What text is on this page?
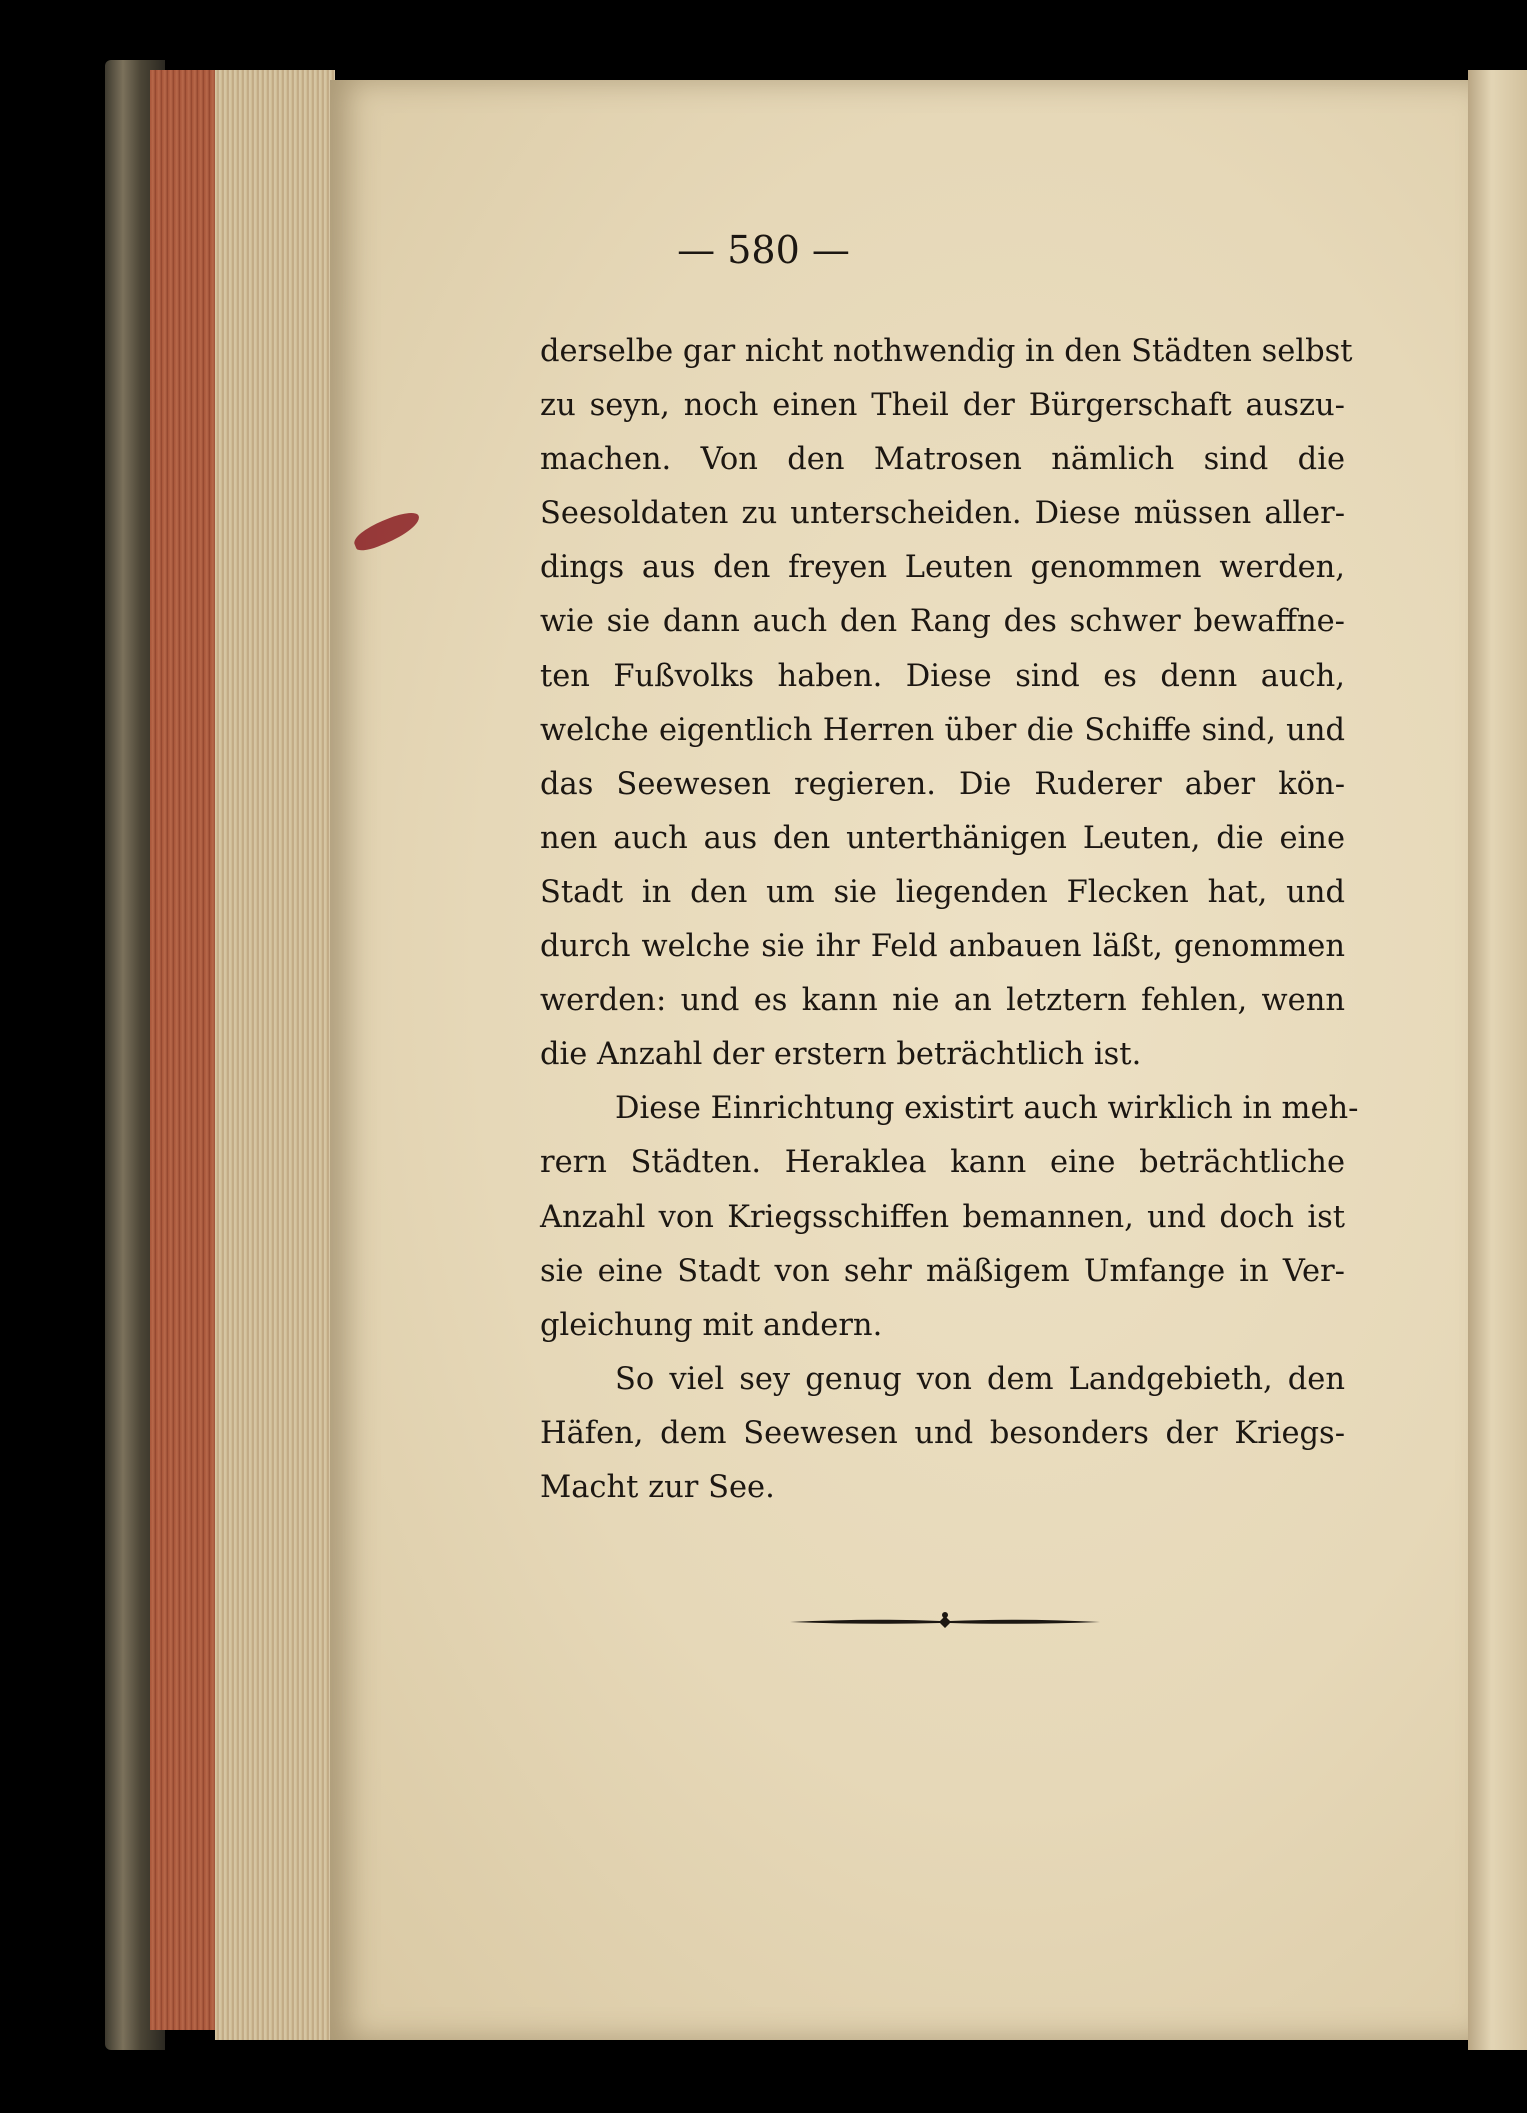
— 580 —
derselbe gar nicht nothwendig in den Städten selbst
zu seyn, noch einen Theil der Bürgerschaft auszu-
machen. Von den Matrosen nämlich sind die
Seesoldaten zu unterscheiden. Diese müssen aller-
dings aus den freyen Leuten genommen werden,
wie sie dann auch den Rang des schwer bewaffne-
ten Fußvolks haben. Diese sind es denn auch,
welche eigentlich Herren über die Schiffe sind, und
das Seewesen regieren. Die Ruderer aber kön-
nen auch aus den unterthänigen Leuten, die eine
Stadt in den um sie liegenden Flecken hat, und
durch welche sie ihr Feld anbauen läßt, genommen
werden: und es kann nie an letztern fehlen, wenn
die Anzahl der erstern beträchtlich ist.
Diese Einrichtung existirt auch wirklich in meh-
rern Städten. Heraklea kann eine beträchtliche
Anzahl von Kriegsschiffen bemannen, und doch ist
sie eine Stadt von sehr mäßigem Umfange in Ver-
gleichung mit andern.
So viel sey genug von dem Landgebieth, den
Häfen, dem Seewesen und besonders der Kriegs-
Macht zur See.
